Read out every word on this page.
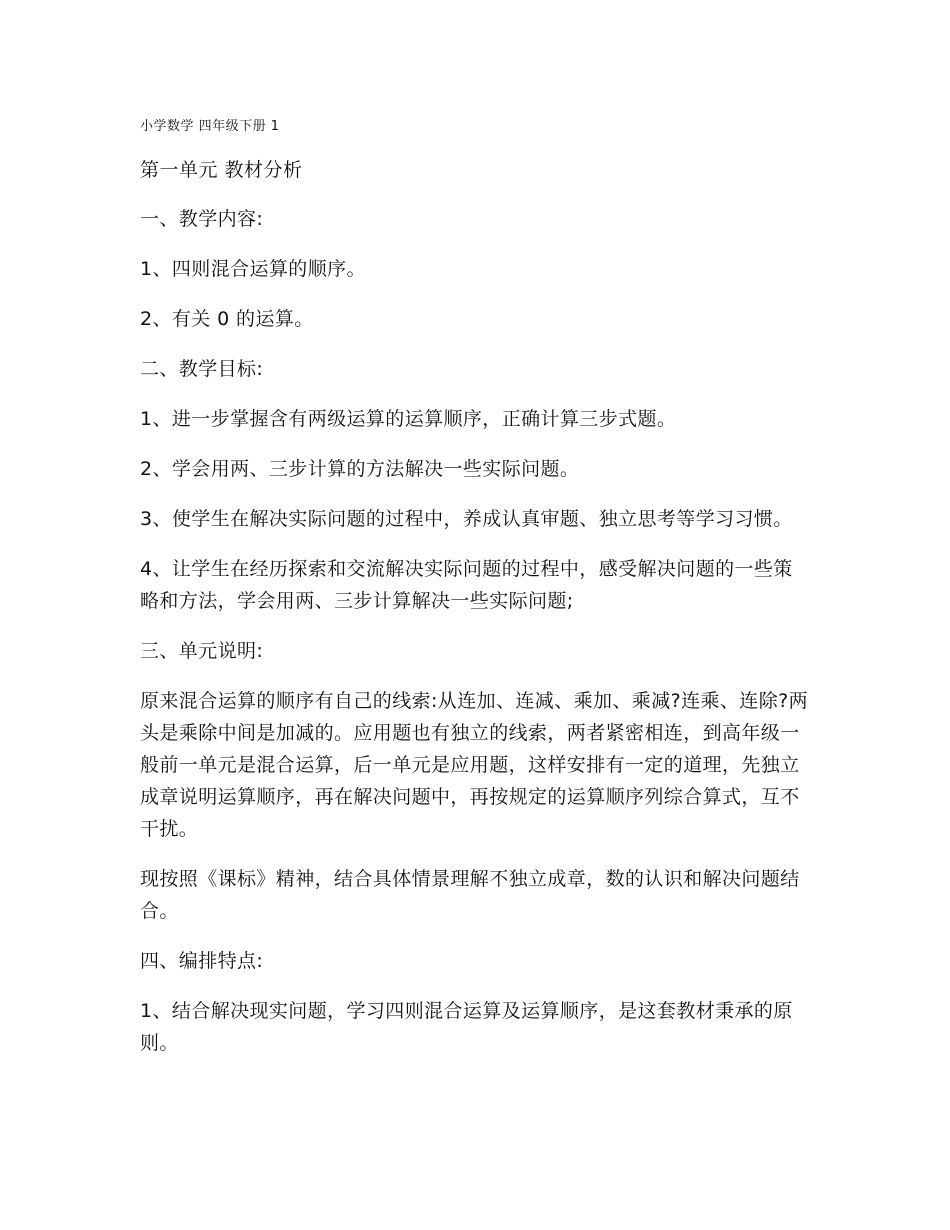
小学数学 四年级下册 1
第一单元 教材分析
一、教学内容:
1、四则混合运算的顺序。
2、有关 0 的运算。
二、教学目标:
1、进一步掌握含有两级运算的运算顺序，正确计算三步式题。
2、学会用两、三步计算的方法解决一些实际问题。
3、使学生在解决实际问题的过程中，养成认真审题、独立思考等学习习惯。
4、让学生在经历探索和交流解决实际问题的过程中，感受解决问题的一些策略和方法，学会用两、三步计算解决一些实际问题;
三、单元说明:
原来混合运算的顺序有自己的线索:从连加、连减、乘加、乘减?连乘、连除?两头是乘除中间是加减的。应用题也有独立的线索，两者紧密相连，到高年级一般前一单元是混合运算，后一单元是应用题，这样安排有一定的道理，先独立成章说明运算顺序，再在解决问题中，再按规定的运算顺序列综合算式，互不干扰。
现按照《课标》精神，结合具体情景理解不独立成章，数的认识和解决问题结合。
四、编排特点:
1、结合解决现实问题，学习四则混合运算及运算顺序，是这套教材秉承的原则。
